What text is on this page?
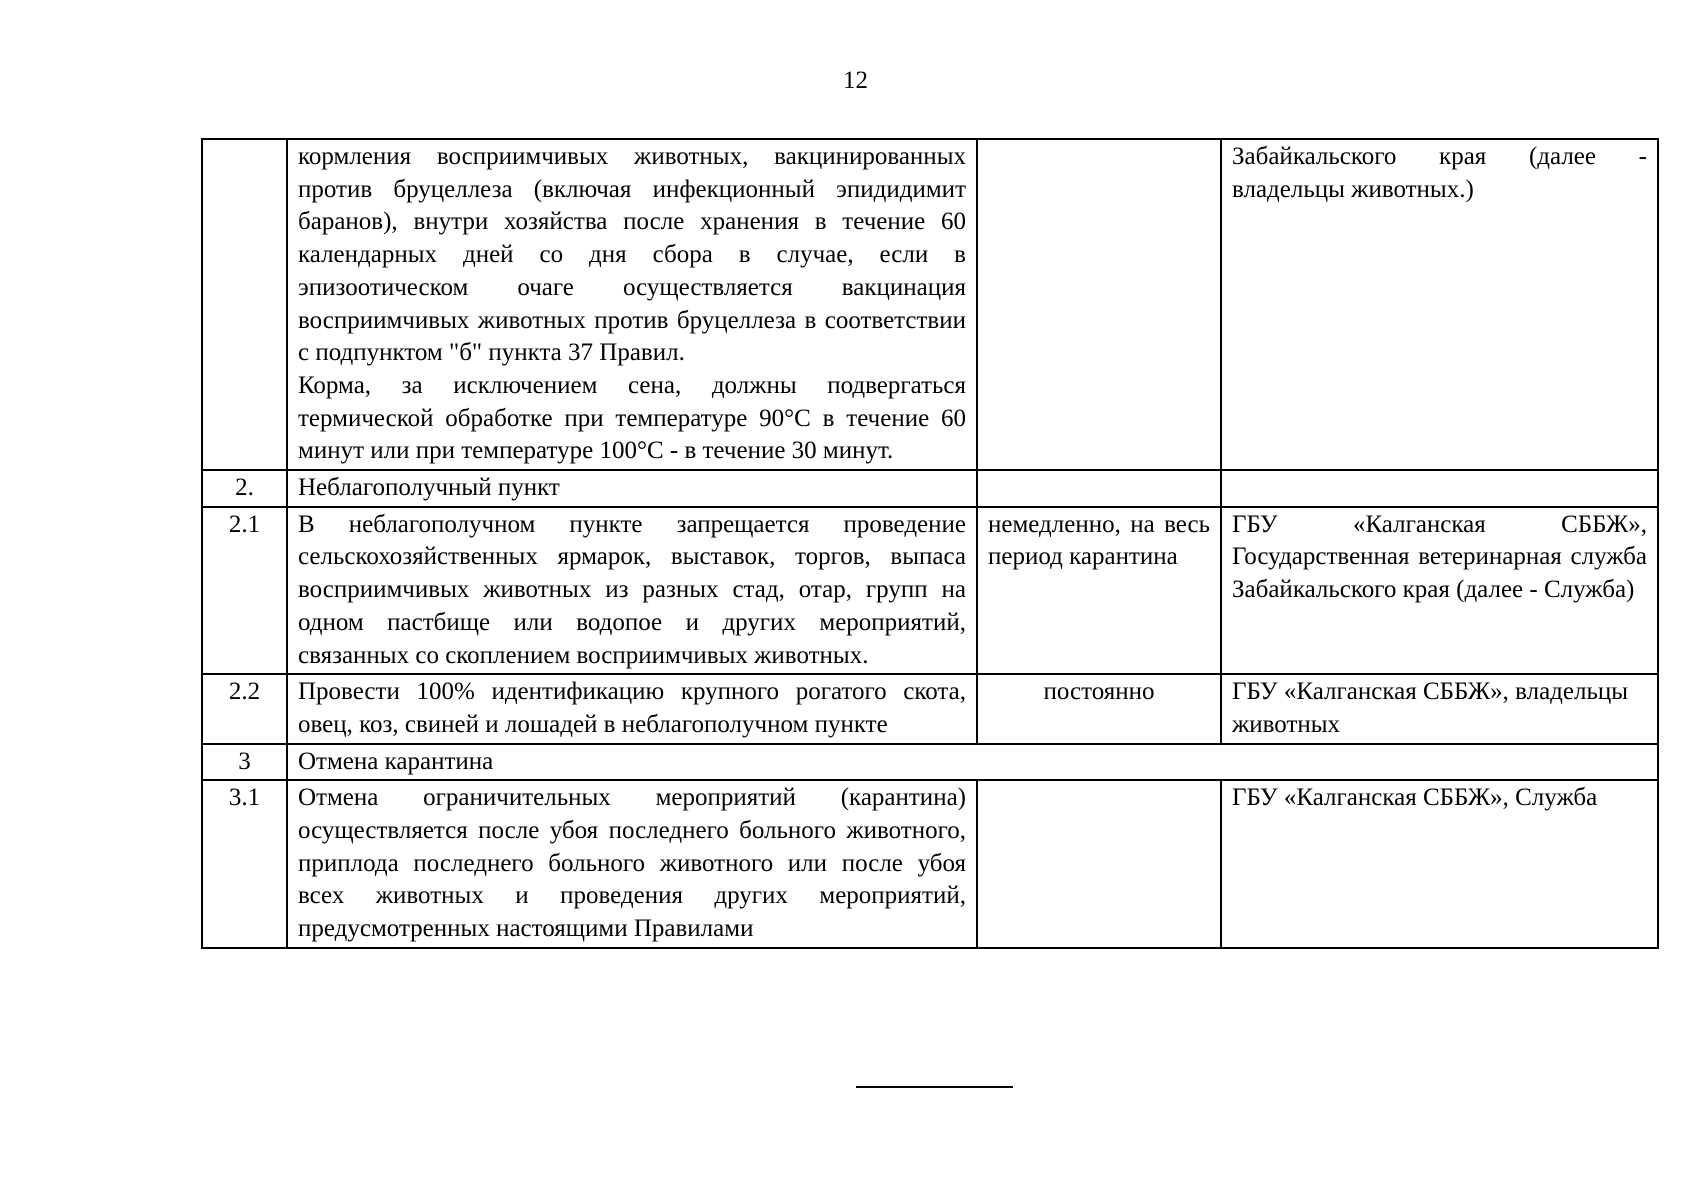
12

	кормления восприимчивых животных, вакцинированных против бруцеллеза (включая инфекционный эпидидимит баранов), внутри хозяйства после хранения в течение 60 календарных дней со дня сбора в случае, если в эпизоотическом очаге осуществляется вакцинация восприимчивых животных против бруцеллеза в соответствии с подпунктом "б" пункта 37 Правил.
Корма, за исключением сена, должны подвергаться термической обработке при температуре 90°С в течение 60 минут или при температуре 100°С - в течение 30 минут.		Забайкальского края (далее - владельцы животных.)
2.	Неблагополучный пункт		
2.1	В неблагополучном пункте запрещается проведение сельскохозяйственных ярмарок, выставок, торгов, выпаса восприимчивых животных из разных стад, отар, групп на одном пастбище или водопое и других мероприятий, связанных со скоплением восприимчивых животных.	немедленно, на весь период карантина	ГБУ «Калганская СББЖ», Государственная ветеринарная служба Забайкальского края (далее - Служба)
2.2	Провести 100% идентификацию крупного рогатого скота, овец, коз, свиней и лошадей в неблагополучном пункте	постоянно	ГБУ «Калганская СББЖ», владельцы животных
3	Отмена карантина		
3.1	Отмена ограничительных мероприятий (карантина) осуществляется после убоя последнего больного животного, приплода последнего больного животного или после убоя всех животных и проведения других мероприятий, предусмотренных настоящими Правилами		ГБУ «Калганская СББЖ», Служба
